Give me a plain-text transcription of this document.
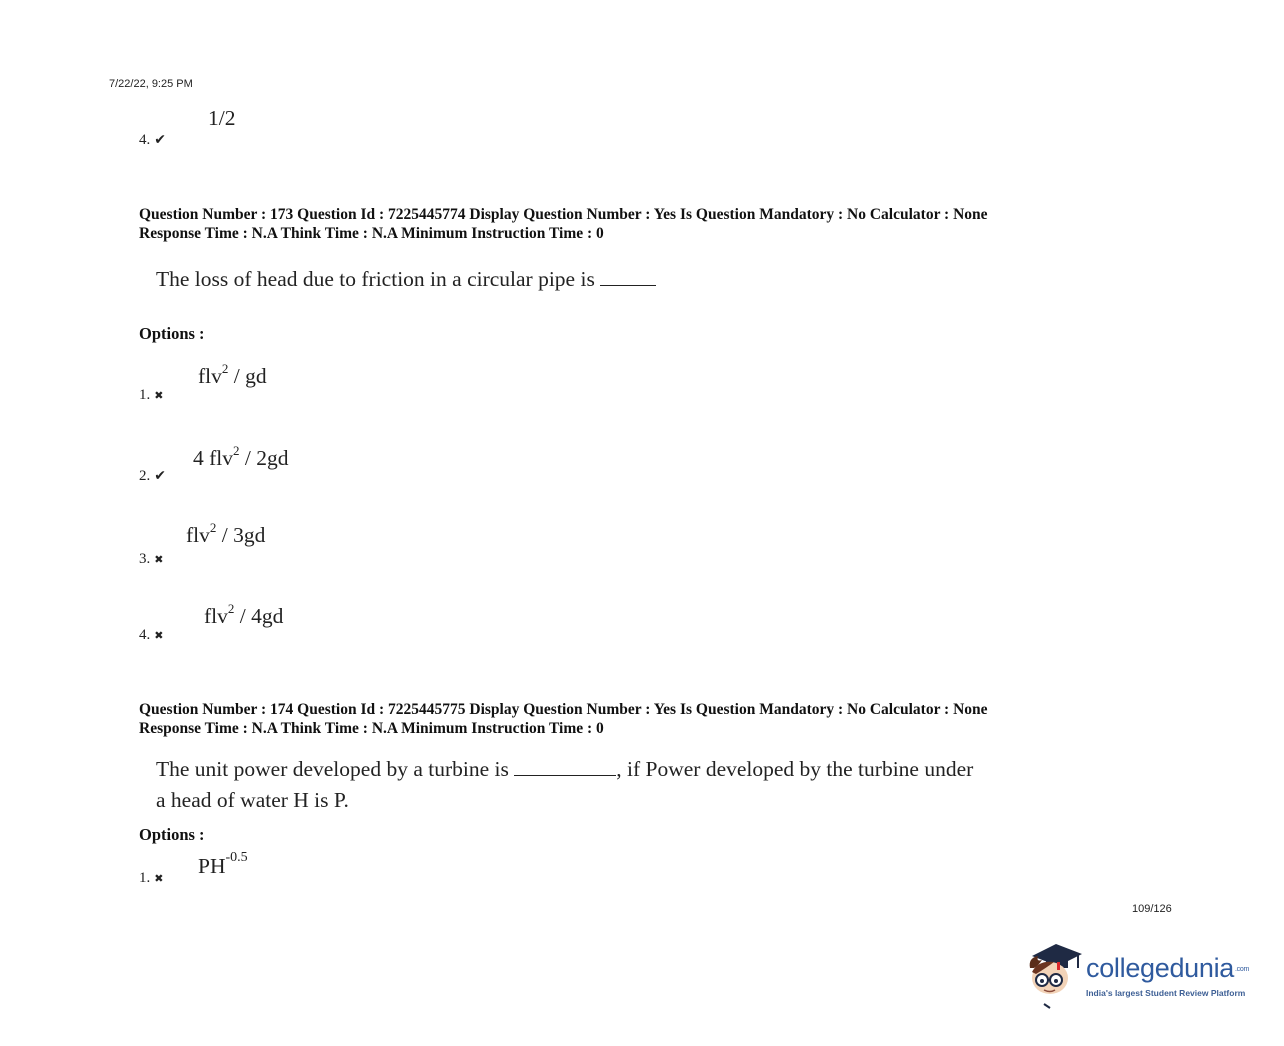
7/22/22, 9:25 PM
1/2
4. ✔
Question Number : 173 Question Id : 7225445774 Display Question Number : Yes Is Question Mandatory : No Calculator : None
Response Time : N.A Think Time : N.A Minimum Instruction Time : 0
The loss of head due to friction in a circular pipe is
Options :
flv$^2$ / gd
1. ✖
4 flv$^2$ / 2gd
2. ✔
flv$^2$ / 3gd
3. ✖
flv$^2$ / 4gd
4. ✖
Question Number : 174 Question Id : 7225445775 Display Question Number : Yes Is Question Mandatory : No Calculator : None
Response Time : N.A Think Time : N.A Minimum Instruction Time : 0
The unit power developed by a turbine is	, if Power developed by the turbine under
a head of water H is P.
Options :
$PH^{-0.5}$
1. ✖
109/126
collegedunia.com
India's largest Student Review Platform
